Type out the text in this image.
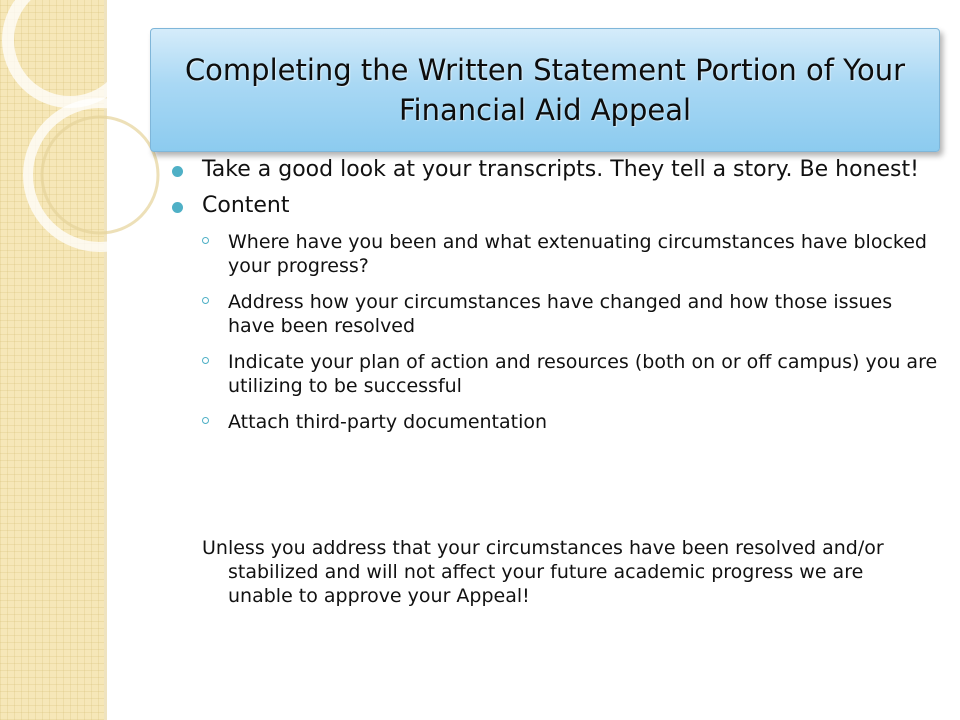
Completing the Written Statement Portion of Your Financial Aid Appeal
Take a good look at your transcripts. They tell a story. Be honest!
Content
Where have you been and what extenuating circumstances have blocked your progress?
Address how your circumstances have changed and how those issues have been resolved
Indicate your plan of action and resources (both on or off campus) you are utilizing to be successful
Attach third-party documentation
Unless you address that your circumstances have been resolved and/or stabilized and will not affect your future academic progress we are unable to approve your Appeal!
